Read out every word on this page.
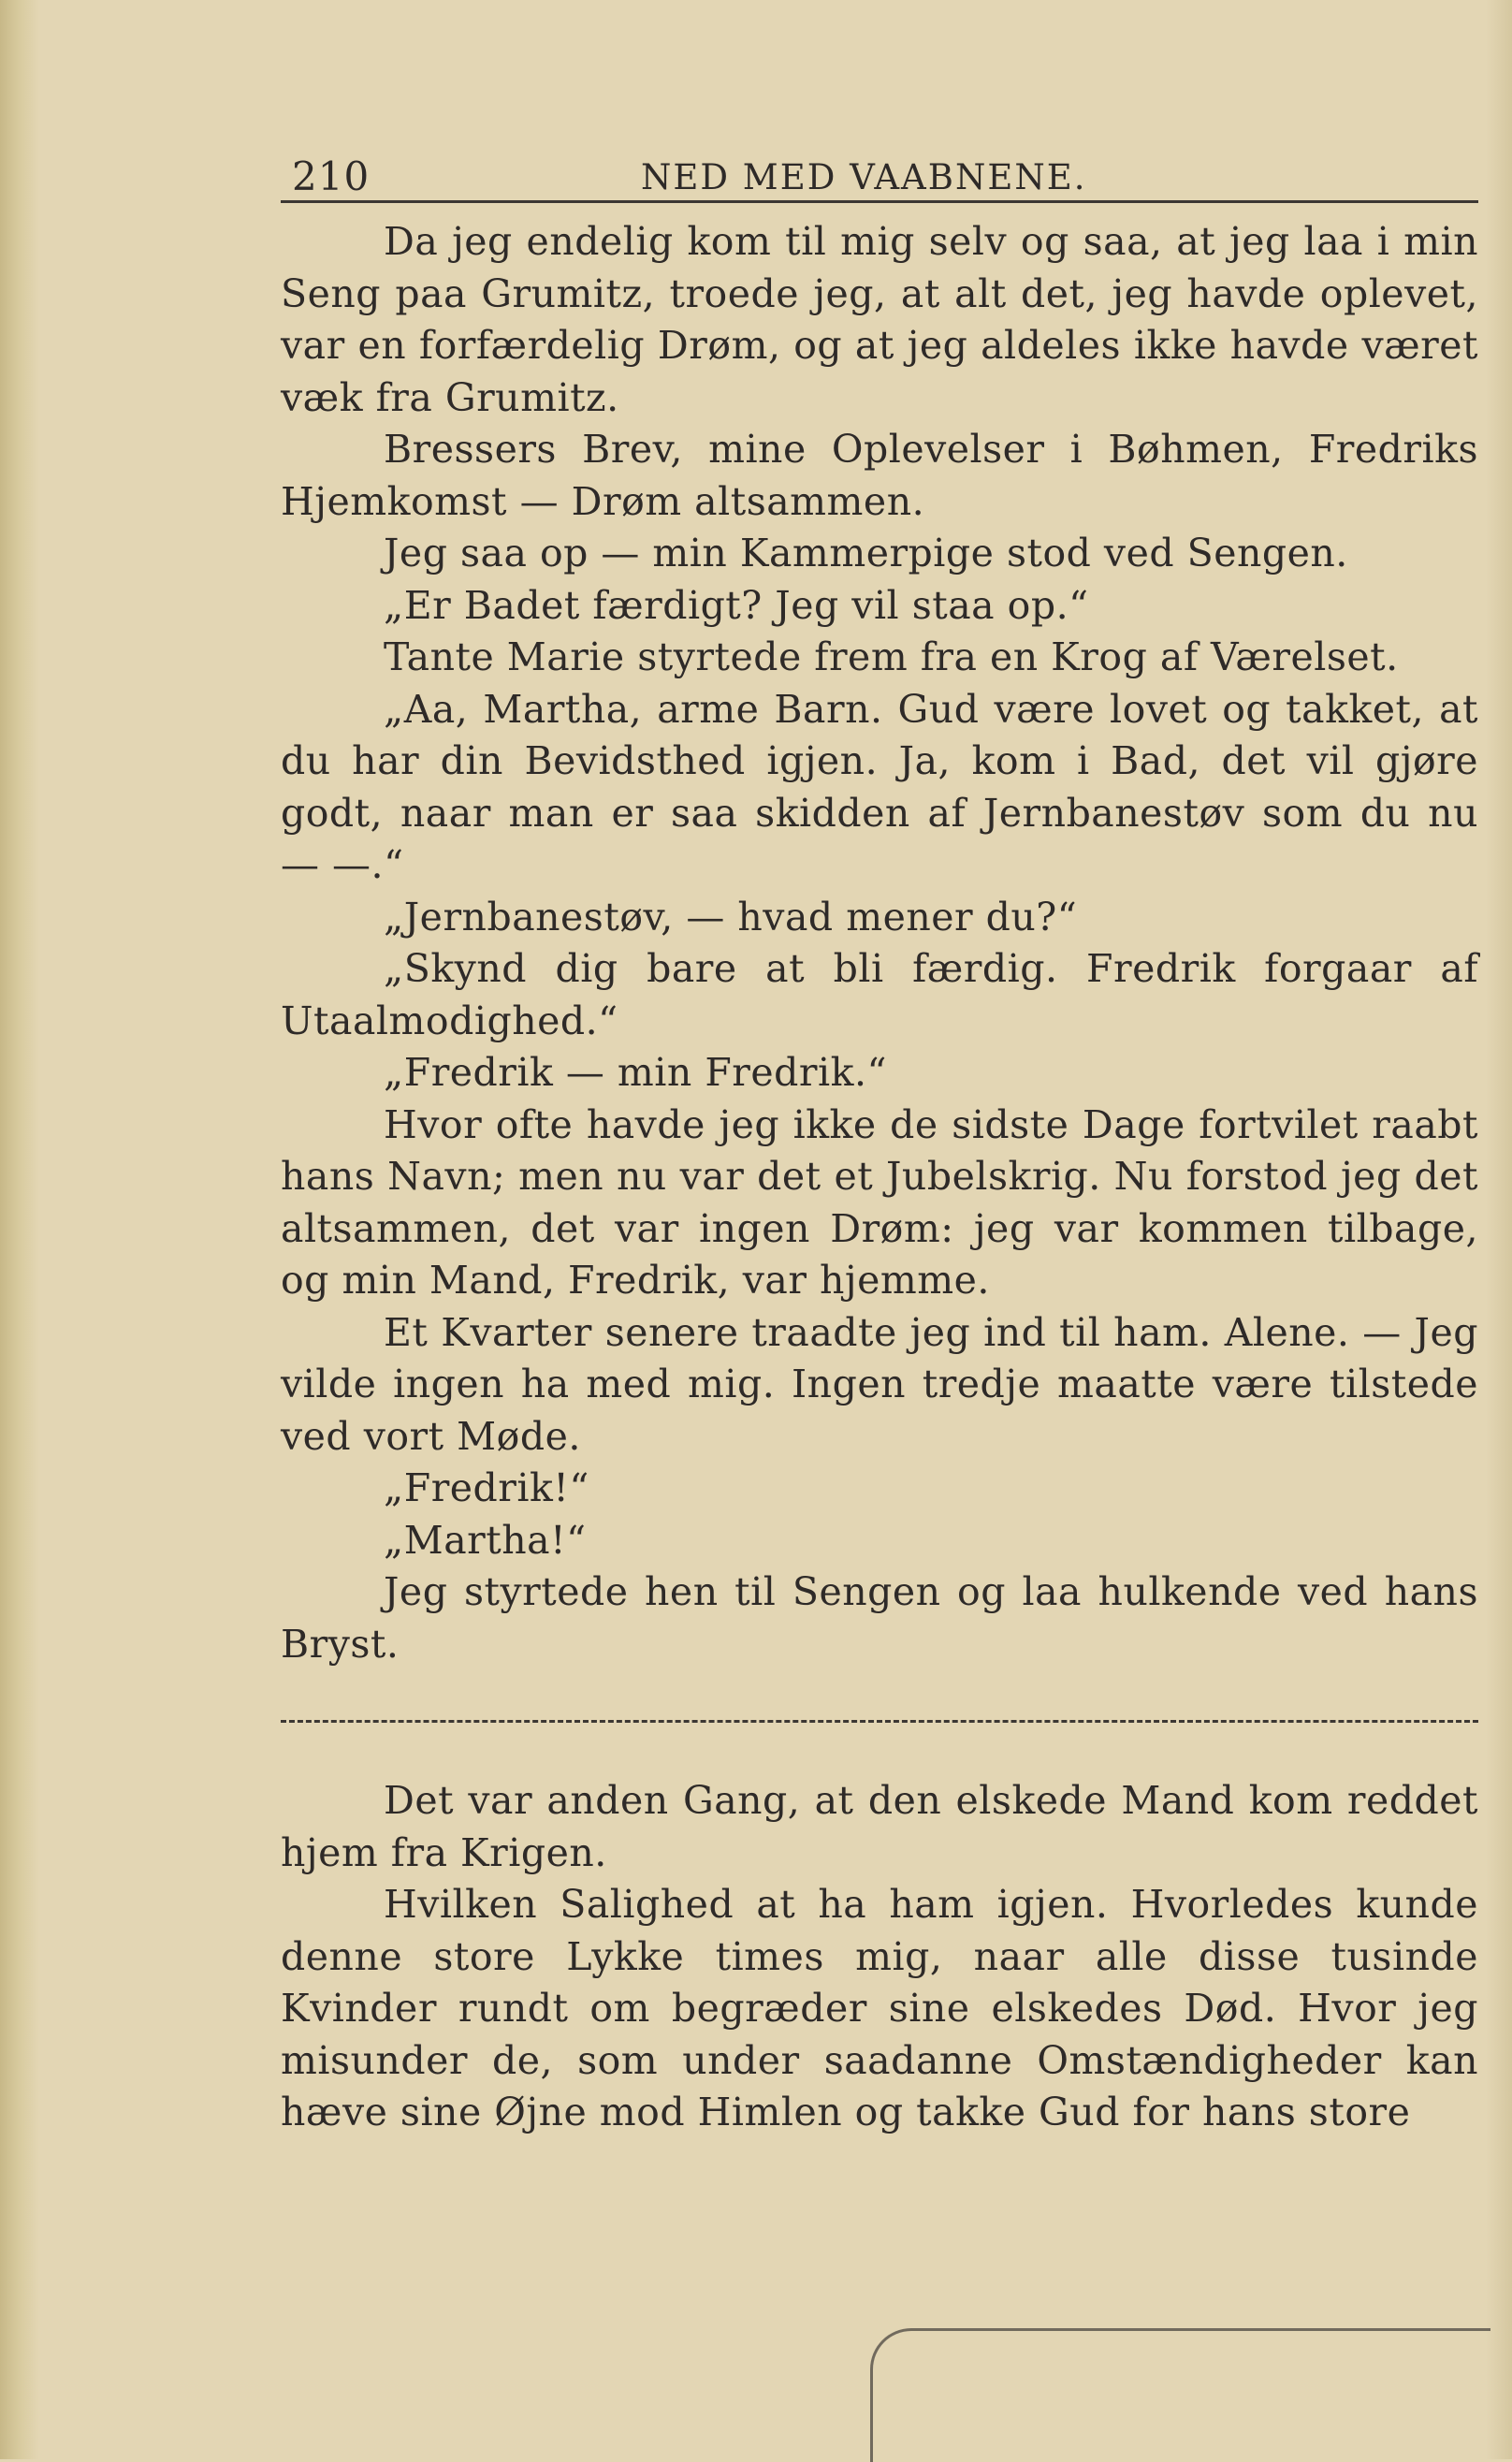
210	NED MED VAABNENE.

Da jeg endelig kom til mig selv og saa, at jeg laa i min Seng paa Grumitz, troede jeg, at alt det, jeg havde oplevet, var en forfærdelig Drøm, og at jeg aldeles ikke havde været væk fra Grumitz.

Bressers Brev, mine Oplevelser i Bøhmen, Fredriks Hjemkomst — Drøm altsammen.

Jeg saa op — min Kammerpige stod ved Sengen.

„Er Badet færdigt? Jeg vil staa op.“

Tante Marie styrtede frem fra en Krog af Værelset.

„Aa, Martha, arme Barn. Gud være lovet og takket, at du har din Bevidsthed igjen. Ja, kom i Bad, det vil gjøre godt, naar man er saa skidden af Jernbanestøv som du nu — —.“

„Jernbanestøv, — hvad mener du?“

„Skynd dig bare at bli færdig. Fredrik forgaar af Utaalmodighed.“

„Fredrik — min Fredrik.“

Hvor ofte havde jeg ikke de sidste Dage fortvilet raabt hans Navn; men nu var det et Jubelskrig. Nu forstod jeg det altsammen, det var ingen Drøm: jeg var kommen tilbage, og min Mand, Fredrik, var hjemme.

Et Kvarter senere traadte jeg ind til ham. Alene. — Jeg vilde ingen ha med mig. Ingen tredje maatte være tilstede ved vort Møde.

„Fredrik!“

„Martha!“

Jeg styrtede hen til Sengen og laa hulkende ved hans Bryst.

Det var anden Gang, at den elskede Mand kom reddet hjem fra Krigen.

Hvilken Salighed at ha ham igjen. Hvorledes kunde denne store Lykke times mig, naar alle disse tusinde Kvinder rundt om begræder sine elskedes Død. Hvor jeg misunder de, som under saadanne Omstændigheder kan hæve sine Øjne mod Himlen og takke Gud for hans store
